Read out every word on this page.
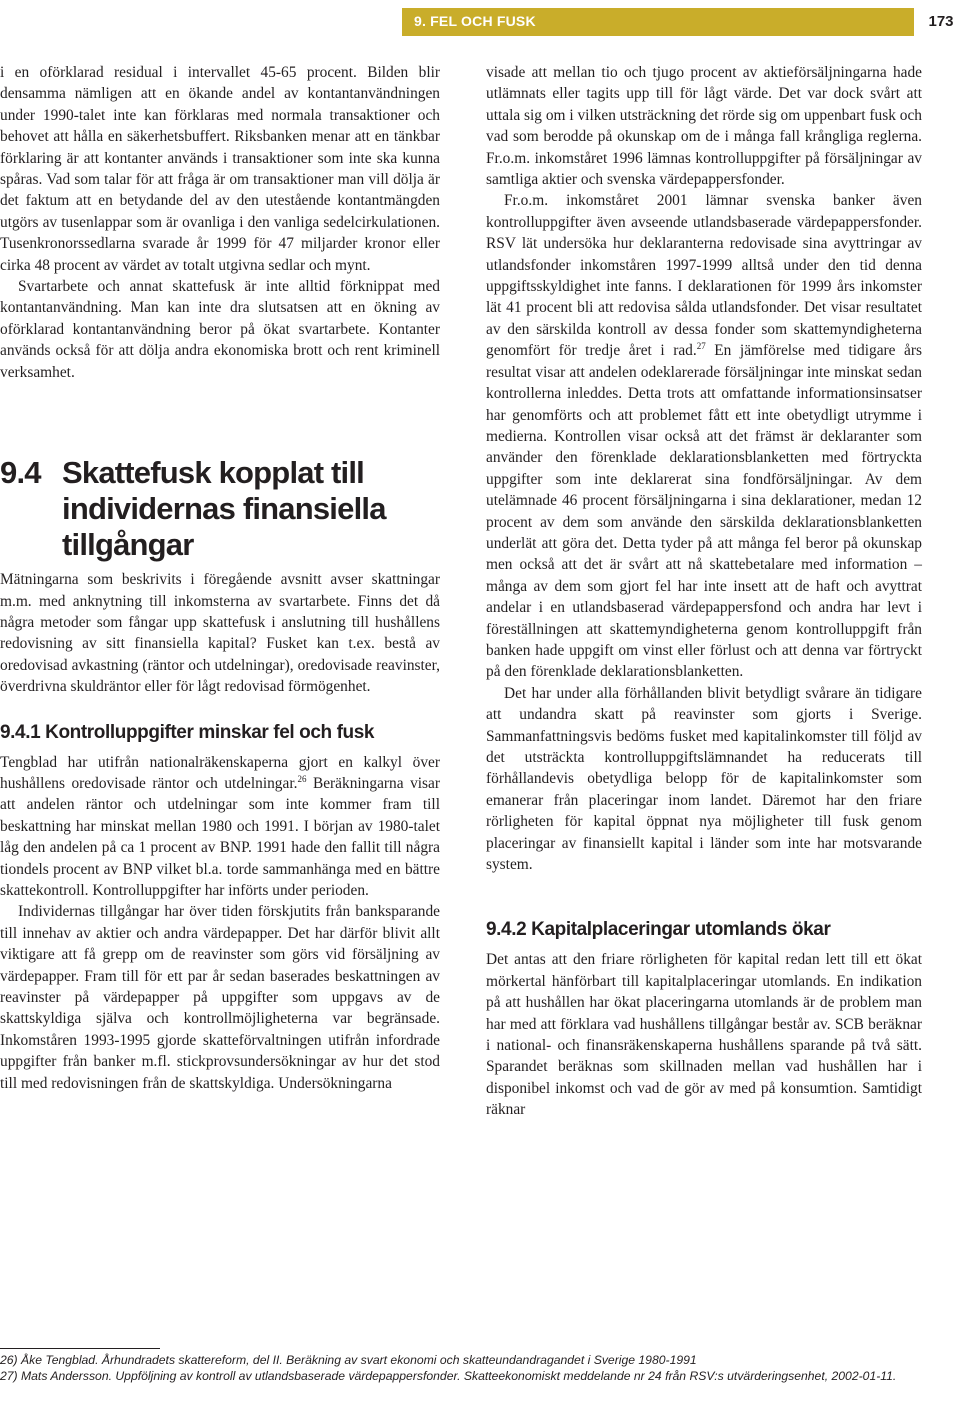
9. FEL OCH FUSK	173

i en oförklarad residual i intervallet 45-65 procent. Bilden blir densamma nämligen att en ökande andel av kontantanvändningen under 1990-talet inte kan förklaras med normala transaktioner och behovet att hålla en säkerhetsbuffert. Riksbanken menar att en tänkbar förklaring är att kontanter används i transaktioner som inte ska kunna spåras. Vad som talar för att fråga är om transaktioner man vill dölja är det faktum att en betydande del av den utestående kontantmängden utgörs av tusenlappar som är ovanliga i den vanliga sedelcirkulationen. Tusenkronorssedlarna svarade år 1999 för 47 miljarder kronor eller cirka 48 procent av värdet av totalt utgivna sedlar och mynt.

Svartarbete och annat skattefusk är inte alltid förknippat med kontantanvändning. Man kan inte dra slutsatsen att en ökning av oförklarad kontantanvändning beror på ökat svartarbete. Kontanter används också för att dölja andra ekonomiska brott och rent kriminell verksamhet.

9.4 Skattefusk kopplat till individernas finansiella tillgångar

Mätningarna som beskrivits i föregående avsnitt avser skattningar m.m. med anknytning till inkomsterna av svartarbete. Finns det då några metoder som fångar upp skattefusk i anslutning till hushållens redovisning av sitt finansiella kapital? Fusket kan t.ex. bestå av oredovisad avkastning (räntor och utdelningar), oredovisade reavinster, överdrivna skuldräntor eller för lågt redovisad förmögenhet.

9.4.1 Kontrolluppgifter minskar fel och fusk

Tengblad har utifrån nationalräkenskaperna gjort en kalkyl över hushållens oredovisade räntor och utdelningar.$^{26}$ Beräkningarna visar att andelen räntor och utdelningar som inte kommer fram till beskattning har minskat mellan 1980 och 1991. I början av 1980-talet låg den andelen på ca 1 procent av BNP. 1991 hade den fallit till några tiondels procent av BNP vilket bl.a. torde sammanhänga med en bättre skattekontroll. Kontrolluppgifter har införts under perioden.

Individernas tillgångar har över tiden förskjutits från banksparande till innehav av aktier och andra värdepapper. Det har därför blivit allt viktigare att få grepp om de reavinster som görs vid försäljning av värdepapper. Fram till för ett par år sedan baserades beskattningen av reavinster på värdepapper på uppgifter som uppgavs av de skattskyldiga själva och kontrollmöjligheterna var begränsade. Inkomståren 1993-1995 gjorde skatteförvaltningen utifrån infordrade uppgifter från banker m.fl. stickprovsundersökningar av hur det stod till med redovisningen från de skattskyldiga. Undersökningarna

visade att mellan tio och tjugo procent av aktieförsäljningarna hade utlämnats eller tagits upp till för lågt värde. Det var dock svårt att uttala sig om i vilken utsträckning det rörde sig om uppenbart fusk och vad som berodde på okunskap om de i många fall krångliga reglerna. Fr.o.m. inkomståret 1996 lämnas kontrolluppgifter på försäljningar av samtliga aktier och svenska värdepappersfonder.

Fr.o.m. inkomståret 2001 lämnar svenska banker även kontrolluppgifter även avseende utlandsbaserade värdepappersfonder. RSV lät undersöka hur deklaranterna redovisade sina avyttringar av utlandsfonder inkomståren 1997-1999 alltså under den tid denna uppgiftsskyldighet inte fanns. I deklarationen för 1999 års inkomster lät 41 procent bli att redovisa sålda utlandsfonder. Det visar resultatet av den särskilda kontroll av dessa fonder som skattemyndigheterna genomfört för tredje året i rad.$^{27}$ En jämförelse med tidigare års resultat visar att andelen odeklarerade försäljningar inte minskat sedan kontrollerna inleddes. Detta trots att omfattande informationsinsatser har genomförts och att problemet fått ett inte obetydligt utrymme i medierna. Kontrollen visar också att det främst är deklaranter som använder den förenklade deklarationsblanketten med förtryckta uppgifter som inte deklarerat sina fondförsäljningar. Av dem utelämnade 46 procent försäljningarna i sina deklarationer, medan 12 procent av dem som använde den särskilda deklarationsblanketten underlät att göra det. Detta tyder på att många fel beror på okunskap men också att det är svårt att nå skattebetalare med information – många av dem som gjort fel har inte insett att de haft och avyttrat andelar i en utlandsbaserad värdepappersfond och andra har levt i föreställningen att skattemyndigheterna genom kontrolluppgift från banken hade uppgift om vinst eller förlust och att denna var förtryckt på den förenklade deklarationsblanketten.

Det har under alla förhållanden blivit betydligt svårare än tidigare att undandra skatt på reavinster som gjorts i Sverige. Sammanfattningsvis bedöms fusket med kapitalinkomster till följd av det utsträckta kontrolluppgiftslämnandet ha reducerats till förhållandevis obetydliga belopp för de kapitalinkomster som emanerar från placeringar inom landet. Däremot har den friare rörligheten för kapital öppnat nya möjligheter till fusk genom placeringar av finansiellt kapital i länder som inte har motsvarande system.

9.4.2 Kapitalplaceringar utomlands ökar

Det antas att den friare rörligheten för kapital redan lett till ett ökat mörkertal hänförbart till kapitalplaceringar utomlands. En indikation på att hushållen har ökat placeringarna utomlands är de problem man har med att förklara vad hushållens tillgångar består av. SCB beräknar i national- och finansräkenskaperna hushållens sparande på två sätt. Sparandet beräknas som skillnaden mellan vad hushållen har i disponibel inkomst och vad de gör av med på konsumtion. Samtidigt räknar

26) Åke Tengblad. Århundradets skattereform, del II. Beräkning av svart ekonomi och skatteundandragandet i Sverige 1980-1991
27) Mats Andersson. Uppföljning av kontroll av utlandsbaserade värdepappersfonder. Skatteekonomiskt meddelande nr 24 från RSV:s utvärderingsenhet, 2002-01-11.
